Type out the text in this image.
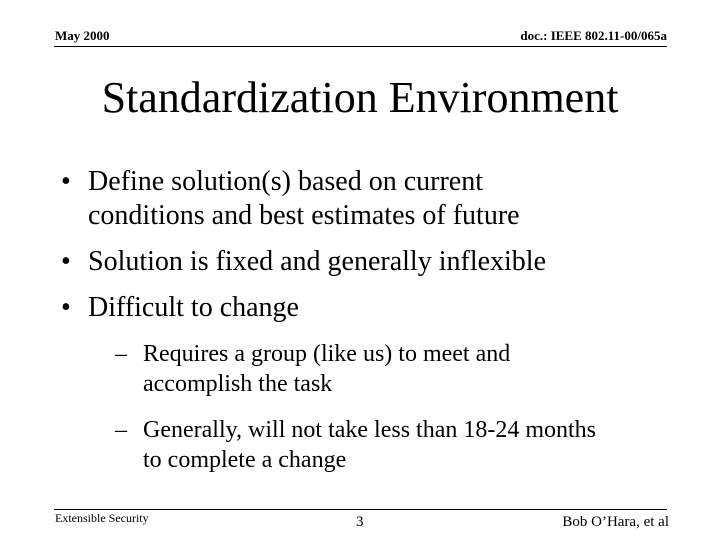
May 2000	doc.: IEEE 802.11-00/065a
Standardization Environment
• Define solution(s) based on current
conditions and best estimates of future
• Solution is fixed and generally inflexible
• Difficult to change
– Requires a group (like us) to meet and
accomplish the task
– Generally, will not take less than 18-24 months
to complete a change
Extensible Security	3	Bob O’Hara, et al
